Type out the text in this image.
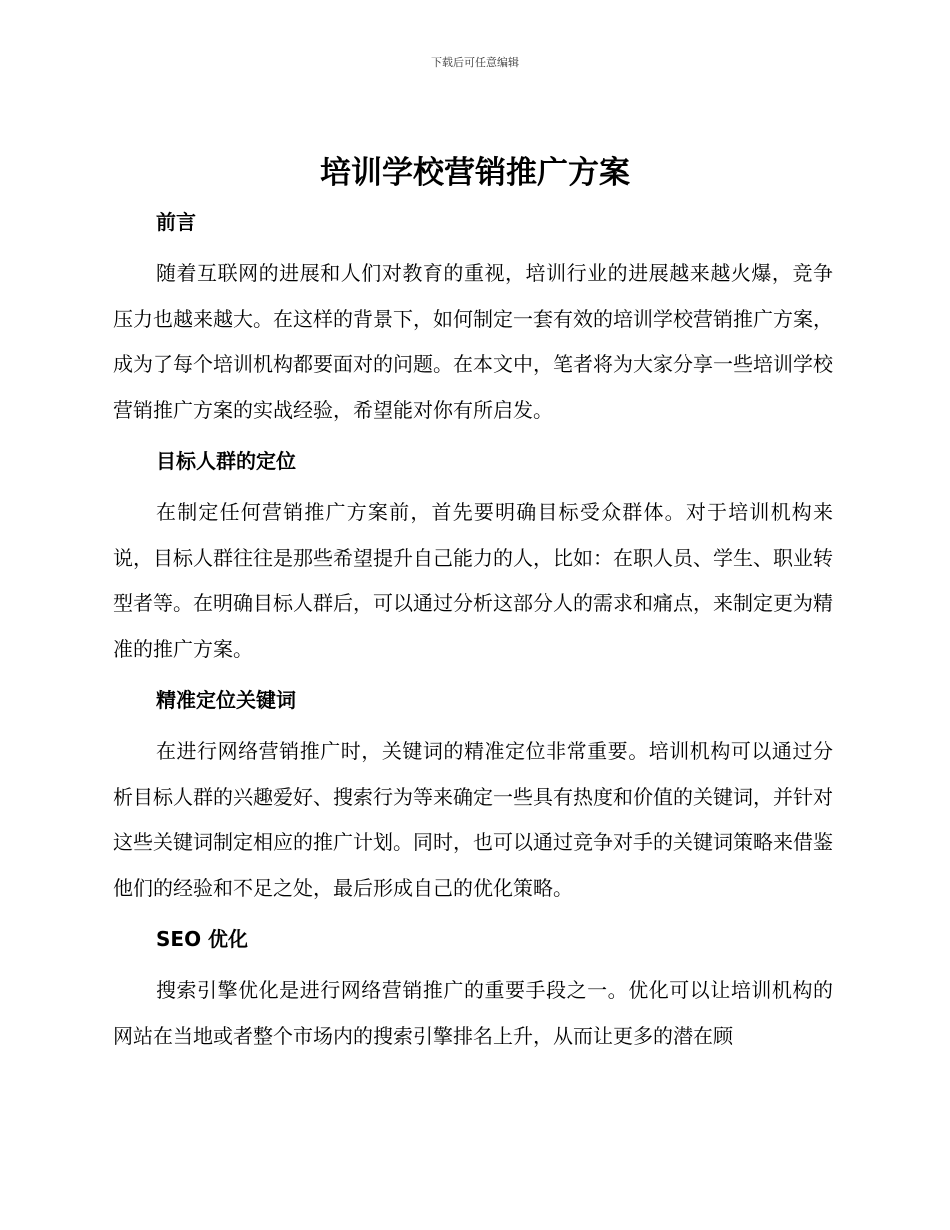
下载后可任意编辑
培训学校营销推广方案
前言

随着互联网的进展和人们对教育的重视，培训行业的进展越来越火爆，竞争压力也越来越大。在这样的背景下，如何制定一套有效的培训学校营销推广方案，成为了每个培训机构都要面对的问题。在本文中，笔者将为大家分享一些培训学校营销推广方案的实战经验，希望能对你有所启发。

目标人群的定位

在制定任何营销推广方案前，首先要明确目标受众群体。对于培训机构来说，目标人群往往是那些希望提升自己能力的人，比如：在职人员、学生、职业转型者等。在明确目标人群后，可以通过分析这部分人的需求和痛点，来制定更为精准的推广方案。

精准定位关键词

在进行网络营销推广时，关键词的精准定位非常重要。培训机构可以通过分析目标人群的兴趣爱好、搜索行为等来确定一些具有热度和价值的关键词，并针对这些关键词制定相应的推广计划。同时，也可以通过竞争对手的关键词策略来借鉴他们的经验和不足之处，最后形成自己的优化策略。

SEO 优化

搜索引擎优化是进行网络营销推广的重要手段之一。优化可以让培训机构的网站在当地或者整个市场内的搜索引擎排名上升，从而让更多的潜在顾
